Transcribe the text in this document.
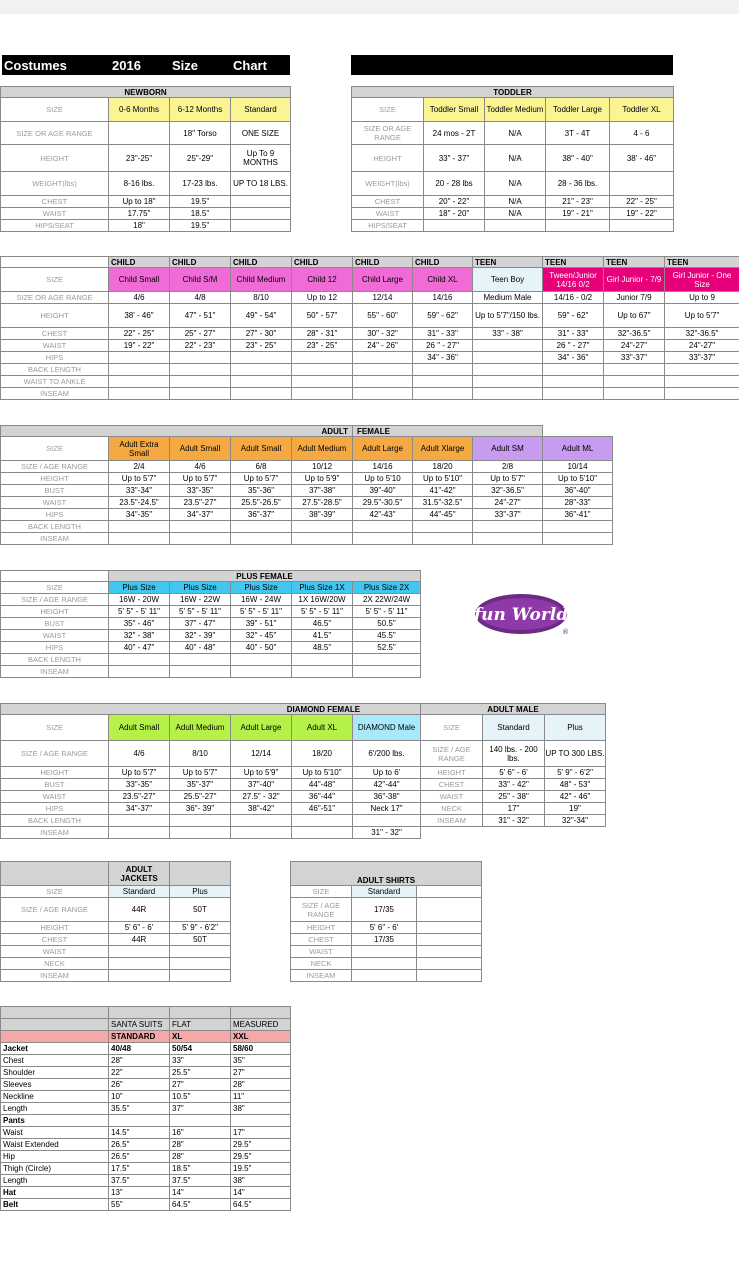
Costumes	2016 Size	Chart
NEWBORN			
SIZE	0-6 Months	6-12 Months	Standard
SIZE OR AGE RANGE		18" Torso	ONE SIZE
HEIGHT	23"-25"	25"-29"	Up To 9 MONTHS
WEIGHT(lbs)	8-16 lbs.	17-23 lbs.	UP TO 18 LBS.
CHEST	Up to 18"	19.5"	
WAIST	17.75"	18.5"	
HIPS/SEAT	18"	19.5"	
TODDLER				
SIZE	Toddler Small	Toddler Medium	Toddler Large	Toddler XL
SIZE OR AGE RANGE	24 mos - 2T	N/A	3T - 4T	4 - 6
HEIGHT	33" - 37"	N/A	38" - 40"	38' - 46"
WEIGHT(lbs)	20 - 28 lbs	N/A	28 - 36 lbs.	
CHEST	20" - 22"	N/A	21" - 23"	22" - 25"
WAIST	18" - 20"	N/A	19" - 21"	19" - 22"
HIPS/SEAT				
	CHILD	CHILD	CHILD	CHILD	CHILD	CHILD	TEEN	TEEN	TEEN	TEEN
SIZE	Child Small	Child S/M	Child Medium	Child 12	Child Large	Child XL	Teen Boy	Tween/Junior 14/16 0/2	Girl Junior - 7/9	Girl Junior - One Size
SIZE OR AGE RANGE	4/6	4/8	8/10	Up to 12	12/14	14/16	Medium Male	14/16 - 0/2	Junior 7/9	Up to 9
HEIGHT	38' - 46"	47" - 51"	49" - 54"	50" - 57"	55" - 60"	59" - 62"	Up to 5'7"/150 lbs.	59" - 62"	Up to 67"	Up to 5'7"
CHEST	22" - 25"	25" - 27"	27" - 30"	28" - 31"	30" - 32"	31" - 33"	33" - 38"	31" - 33"	32"-36.5"	32"-36.5"
WAIST	19" - 22"	22" - 23"	23" - 25"	23" - 25"	24" - 26"	26 " - 27"		26 " - 27"	24"-27"	24"-27"
HIPS						34" - 36"		34" - 36"	33"-37"	33"-37"
BACK LENGTH										
WAIST TO ANKLE										
INSEAM										
ADULT					FEMALE			
SIZE	Adult Extra Small	Adult Small	Adult Small	Adult Medium	Adult Large	Adult Xlarge	Adult SM	Adult ML
SIZE / AGE RANGE	2/4	4/6	6/8	10/12	14/16	18/20	2/8	10/14
HEIGHT	Up to 5'7"	Up to 5'7"	Up to 5'7"	Up to 5'9"	Up to 5'10	Up to 5'10"	Up to 5'7"	Up to 5'10"
BUST	33"-34"	33"-35"	35"-36"	37"-38"	39"-40"	41"-42"	32"-36.5"	36"-40"
WAIST	23.5"-24.5"	23.5"-27"	25.5"-26.5"	27.5"-28.5"	29.5"-30.5"	31.5"-32.5"	24"-27"	28"-33"
HIPS	34"-35"	34"-37"	36"-37"	38"-39"	42"-43"	44"-45"	33"-37"	36"-41"
BACK LENGTH								
INSEAM								
	PLUS FEMALE				
SIZE	Plus Size	Plus Size	Plus Size	Plus Size 1X	Plus Size 2X
SIZE / AGE RANGE	16W - 20W	16W - 22W	16W - 24W	1X 16W/20W	2X 22W/24W
HEIGHT	5' 5" - 5' 11"	5' 5" - 5' 11"	5' 5" - 5' 11"	5' 5" - 5' 11"	5' 5" - 5' 11"
BUST	35" - 46"	37" - 47"	39" - 51"	46.5"	50.5"
WAIST	32" - 38"	32" - 39"	32" - 45"	41.5"	45.5"
HIPS	40" - 47"	40" - 48"	40" - 50"	48.5"	52.5"
BACK LENGTH					
INSEAM					
fun World
®
DIAMOND FEMALE					
SIZE	Adult Small	Adult Medium	Adult Large	Adult XL	DIAMOND Male
SIZE / AGE RANGE	4/6	8/10	12/14	18/20	6'/200 lbs.
HEIGHT	Up to 5'7"	Up to 5'7"	Up to 5'9"	Up to 5'10"	Up to 6'
BUST	33"-35"	35"-37"	37"-40"	44"-48"	42"-44"
WAIST	23.5"-27"	25.5"-27"	27.5" - 32"	36"-44"	36"-38"
HIPS	34"-37"	36"- 39"	38"-42"	46"-51"	Neck 17"
BACK LENGTH					
INSEAM					31" - 32"
ADULT MALE		
SIZE	Standard	Plus
SIZE / AGE RANGE	140 lbs. - 200 lbs.	UP TO 300 LBS.
HEIGHT	5' 6" - 6'	5' 9" - 6'2"
CHEST	33" - 42"	48" - 53"
WAIST	25" - 38"	42" - 46"
NECK	17"	19"
INSEAM	31" - 32"	32"-34"
	ADULT JACKETS	
SIZE	Standard	Plus
SIZE / AGE RANGE	44R	50T
HEIGHT	5' 6" - 6'	5' 9" - 6'2"
CHEST	44R	50T
WAIST		
NECK		
INSEAM		
ADULT SHIRTS		
SIZE	Standard	
SIZE / AGE RANGE	17/35	
HEIGHT	5' 6" - 6'	
CHEST	17/35	
WAIST		
NECK		
INSEAM		

	SANTA SUITS	FLAT	MEASURED
	STANDARD	XL	XXL
Jacket	40/48	50/54	58/60
Chest	28"	33"	35"
Shoulder	22"	25.5"	27"
Sleeves	26"	27"	28"
Neckline	10"	10.5"	11"
Length	35.5"	37"	38"
Pants			
Waist	14.5"	16"	17"
Waist Extended	26.5"	28"	29.5"
Hip	26.5"	28"	29.5"
Thigh (Circle)	17.5"	18.5"	19.5"
Length	37.5"	37.5"	38"
Hat	13"	14"	14"
Belt	55"	64.5"	64.5"
